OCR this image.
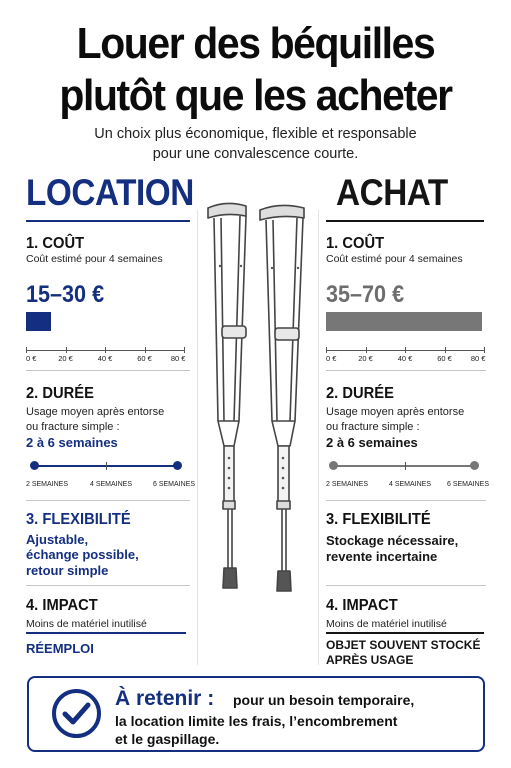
Louer des béquilles
plutôt que les acheter
Un choix plus économique, flexible et responsable
pour une convalescence courte.
LOCATION
1. COÛT
Coût estimé pour 4 semaines
15–30 €
0 €	20 €	40 €	60 €	80 €
2. DURÉE
Usage moyen après entorse
ou fracture simple :
2 à 6 semaines
2 SEMAINES	4 SEMAINES	6 SEMAINES
3. FLEXIBILITÉ
Ajustable,
échange possible,
retour simple
4. IMPACT
Moins de matériel inutilisé
RÉEMPLOI
ACHAT
1. COÛT
Coût estimé pour 4 semaines
35–70 €
0 €	20 €	40 €	60 €	80 €
2. DURÉE
Usage moyen après entorse
ou fracture simple :
2 à 6 semaines
2 SEMAINES	4 SEMAINES 6 SEMAINES
3. FLEXIBILITÉ
Stockage nécessaire,
revente incertaine
4. IMPACT
Moins de matériel inutilisé
OBJET SOUVENT STOCKÉ
APRÈS USAGE
À retenir : pour un besoin temporaire,
la location limite les frais, l’encombrement
et le gaspillage.
